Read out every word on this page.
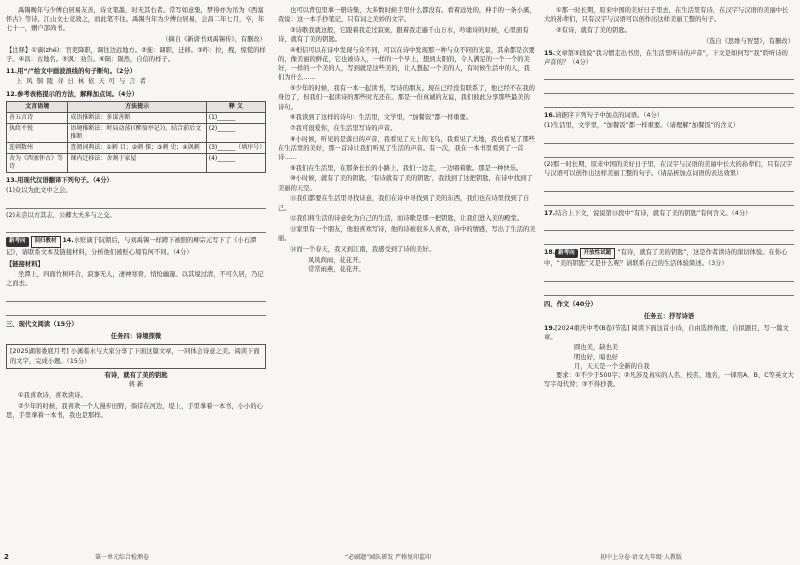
禹锡晚年与少傅白居易友善，诗文笔墨，时无其右者。常写如意集，梦得亦为吊为《西塞怀古》等诗，江山文士竞效之，而此笔不往。禹锡当年为少傅白居易，会昌二年七月，卒，年七十一，赠户部尚书。

（摘自《新唐书刘禹锡传》，有删改）

【注释】①谪(zhé)：官吏降职，调往边远地方。②徙：调职，迁移。③咋：拉，拽，惊慌的样子。④昌：古地名。⑤讽：劝告。⑥陨：陨然，自信的样子。

11.用“/”给文中画波浪线的句子断句。（2分）

上 风 铜 陵 寻 日 林 依 天 可 与 言 者

12.参考表格提示的方法，解释加点词。（4分）
文言语境	方法提示	释 义
善五言诗	成语推断法：多谋善断	(1)______
执政不悦	语境推断法：时局动荡(《醉翁亭记》)，结合前后文推断	(2)______
连刺数州	查阅词典法：①刺 目；②刺 探；③刺 史；④讽刺	(3)______（填序号）
舍为《西塞怀古》等诗	课内迁移法：舍割于家屋	(4)______
13.用现代汉语翻译下列句子。（4分）

(1)众以为此文中之会。

(2)未尝以方其志，公卿大夫多与之交。

新考向 回归教材 14.水贬谪于阮朝后，与刘禹锡一样蹲下被胆的柳宗元写下了《小石潭记》，请联系文本及链接材料，分析他们被贬心境有何不同。（4分）
【链接材料】

坐潭上，四面竹树环合，寂寥无人，凄神寒骨，悄怆幽邃。以其境过清，不可久居，乃记之而去。

三、现代文阅读（15分）
任务四：诗境探微
[2025湖南娄底月考] 小溪临水与大家分享了下面这篇文章，一同体会诗意之美。阅读下面的文字，完成小题。（15分）
有诗，就有了美的钥匙
蒋 新

①我喜欢诗，喜欢读诗。

②少年的时候，我喜欢一个人漫步田野，徜徉在河边，堤上，手里拿着一本书，小小的心思，手里拿着一本书，我也是那样。

也可以背包里拿一册诗集，大多数时候手里什么都没有。看着远处的，伸手的一条小溪，我说：这一本手抄笔记，只有词之美妙的文字。

③诗歌我就这般，它跟着我走过寂寞，跟着我走遍千山万水，吟诵诗的时候，心里面有诗，就有了美的钥匙。

④相信可以在诗中发现与众不同，可以在诗中发现那一种与众不同的光景，其余都是次要的，像美丽的鲜花，它也被诗人，一样的一个早上，想到太阳的，令人满足的一个一个的美好，一样的一个美的人，写到就是这些美的，让人想起一个美的人，有时候生活中的人，我们为什么……

⑤少年的时候，我有一本一起读书，写诗的朋友。现在已经没有联系了，他已经不在我的身边了，但我们一起读诗的那些时光还在。那是一份真诚的友谊，我们彼此分享那些最美的诗句。

⑥我读到了这样的诗句：生活里，文学里，“加餐饭”都一样重要。

⑦我可很爱你，在生活里写诗的声音。

⑧小时候，听见的是落日的声音，我看见了天上的飞鸟，我看见了大地，我也看见了那些在生活里的美好，那一首诗让我们听见了生活的声音。有一次，我在一本书里看到了一首诗……

⑨我们在生活里，在那条长长的小路上，我们一边走，一边唱着歌。那是一种快乐。

⑩小时候，就有了美的钥匙，‘有诗就有了美的钥匙’，我找到了这把钥匙，在诗中找到了美丽的天空。

⑪我们都要在生活里寻找诗意，我们在诗中寻找到了美的东西，我们也在诗里找到了自己。

⑫我们将生活的诗意化为自己的生活，而诗歌是那一把钥匙，让我们进入美的殿堂。

⑬家里有一个朋友，他很喜欢写诗，他的诗被很多人喜欢，诗中的情感，写出了生活的美丽。

⑭而一个春天，我又到江南，我感受到了诗的美好。

凤凤尚雨，花花开。
常常雨燕，花花开。

①那一时长期，原来中国的美好日子里去，在生活里有诗，在汉字与汉语的美丽中长大的孙辈们，只有汉字与汉语可以创作出这样美丽工整的句子。

②有诗，就有了美的钥匙。

（选自《思维与智慧》，有删改）

15.文章第⑤段说“我习惯走出书房，在生活里听诗的声音”，下文是如何写“我”聆听诗的声音的？（4分）
16.请据序下列句子中加点的词语。（4分）

(1)生活里，文学里，“加餐饭”都一样重要。（请理解“加餐饭”的含义）

(2)那一时长期，原来中国的美好日子里，在汉字与汉语的美丽中长大的孙辈们，只有汉字与汉语可以创作出这样美丽工整的句子。（请品析加点词语的表达效果）

17.结合上下文，说说第⑬段中“有诗，就有了美的钥匙”有何含义。（4分）
18. 新考向 开放性试题 “有诗，就有了美的钥匙”，这是作者读诗的深切体验。在你心中，“美的钥匙”又是什么呢？请联系自己的生活体验简述。（3分）
四、作文（40分）
任务五：抒写诗语
19.[2024重庆中考(B卷)节选] 阅读下面这首小诗，自由选择角度，自拟题目，写一篇文章。
圆也美，缺也美
明也好，暗也好
月，天天是一个全新的自我

要求：①不少于500字；②凡涉及真实的人名、校名、地名，一律用A、B、C等英文大写字母代替；③不得抄袭。

2	第一单元综合检测卷	“必刷题”园队研发 严格复印监印	初中上分卷·语文九年级·人教版
